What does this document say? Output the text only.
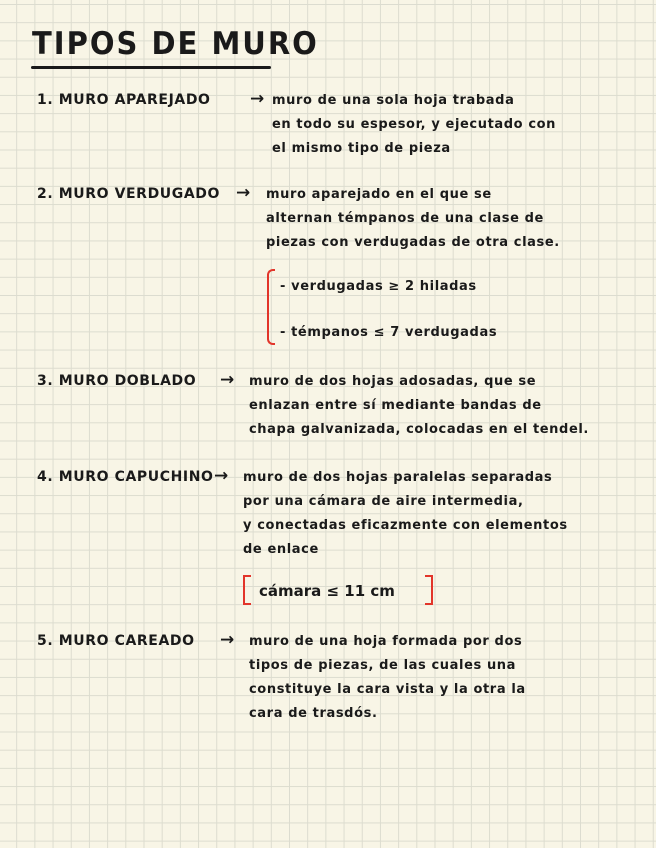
TIPOS DE MURO
1. MURO APAREJADO → muro de una sola hoja trabada
en todo su espesor, y ejecutado con
el mismo tipo de pieza
2. MURO VERDUGADO → muro aparejado en el que se
alternan témpanos de una clase de
piezas con verdugadas de otra clase.
- verdugadas ≥ 2 hiladas
- témpanos ≤ 7 verdugadas
3. MURO DOBLADO → muro de dos hojas adosadas, que se
enlazan entre sí mediante bandas de
chapa galvanizada, colocadas en el tendel.
4. MURO CAPUCHINO → muro de dos hojas paralelas separadas
por una cámara de aire intermedia,
y conectadas eficazmente con elementos
de enlace
cámara ≤ 11 cm
5. MURO CAREADO → muro de una hoja formada por dos
tipos de piezas, de las cuales una
constituye la cara vista y la otra la
cara de trasdós.
